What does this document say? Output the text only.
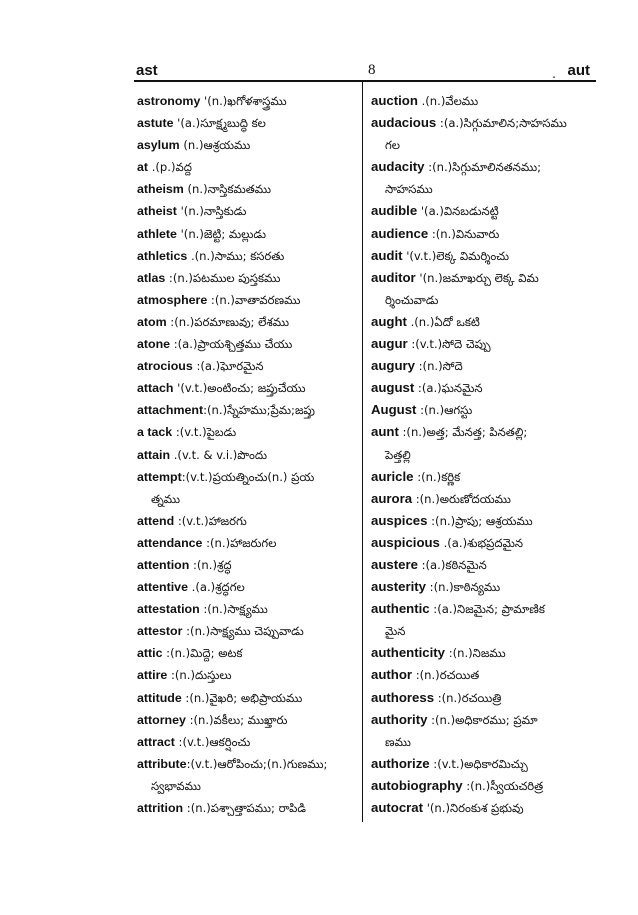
ast	8	. aut
astronomy '(n.)ఖగోళశాస్త్రము
astute '(a.)సూక్ష్మబుద్ధి కల
asylum (n.)ఆశ్రయము
at .(p.)వద్ద
atheism (n.)నాస్తికమతము
atheist '(n.)నాస్తికుడు
athlete '(n.)జెట్టి; మల్లుడు
athletics .(n.)సాము; కసరతు
atlas :(n.)పటముల పుస్తకము
atmosphere :(n.)వాతావరణము
atom :(n.)పరమాణువు; లేశము
atone :(a.)ప్రాయశ్చిత్తము చేయు
atrocious :(a.)ఘోరమైన
attach '(v.t.)అంటించు; జప్తుచేయు
attachment:(n.)స్నేహము;ప్రేమ;జప్తు
a tack :(v.t.)పైబడు
attain .(v.t. & v.i.)పొందు
attempt:(v.t.)ప్రయత్నించు(n.) ప్రయ
త్నము
attend :(v.t.)హాజరగు
attendance :(n.)హాజరుగల
attention :(n.)శ్రద్ధ
attentive .(a.)శ్రద్ధగల
attestation :(n.)సాక్ష్యము
attestor :(n.)సాక్ష్యము చెప్పువాడు
attic :(n.)మిద్దె; అటక
attire :(n.)దుస్తులు
attitude :(n.)వైఖరి; అభిప్రాయము
attorney :(n.)వకీలు; ముఖ్తారు
attract :(v.t.)ఆకర్షించు
attribute:(v.t.)ఆరోపించు;(n.)గుణము;
స్వభావము
attrition :(n.)పశ్చాత్తాపము; రాపిడి
auction .(n.)వేలము
audacious :(a.)సిగ్గుమాలిన;సాహసము
గల
audacity :(n.)సిగ్గుమాలినతనము;
సాహసము
audible '(a.)వినబడునట్టి
audience :(n.)వినువారు
audit '(v.t.)లెక్క విమర్శించు
auditor '(n.)జమాఖర్చు లెక్క విమ
ర్శించువాడు
aught .(n.)ఏదో ఒకటి
augur :(v.t.)సోదె చెప్పు
augury :(n.)సోదె
august :(a.)ఘనమైన
August :(n.)ఆగస్టు
aunt :(n.)అత్త; మేనత్త; పినతల్లి;
పెత్తల్లి
auricle :(n.)కర్ణిక
aurora :(n.)అరుణోదయము
auspices :(n.)ప్రాపు; ఆశ్రయము
auspicious .(a.)శుభప్రదమైన
austere :(a.)కఠినమైన
austerity :(n.)కాఠిన్యము
authentic :(a.)నిజమైన; ప్రామాణిక
మైన
authenticity :(n.)నిజము
author :(n.)రచయిత
authoress :(n.)రచయిత్రి
authority :(n.)అధికారము; ప్రమా
ణము
authorize :(v.t.)అధికారమిచ్చు
autobiography :(n.)స్వీయచరిత్ర
autocrat '(n.)నిరంకుశ ప్రభువు
